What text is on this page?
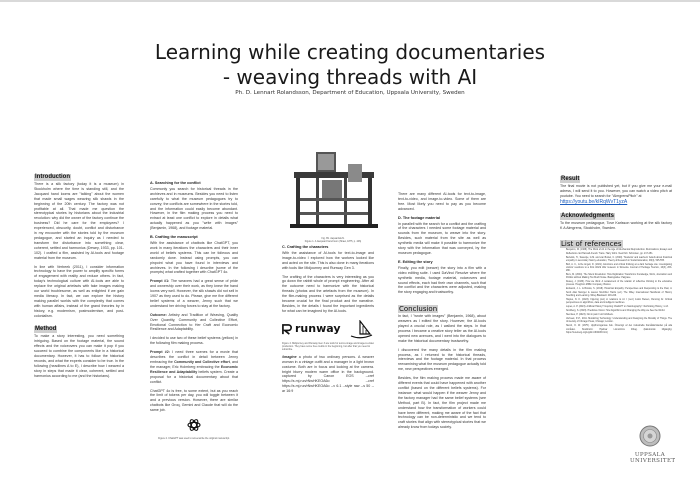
Learning while creating documentaries
- weaving threads with AI
Ph. D. Lennart Rolandsson, Department of Education, Uppsala University, Sweden
Introduction

There is a silk factory (today it is a museum) in Stockholm where the time is standing still, and the Jacquard hand looms are "talking" about the women that made small wages weaving silk shawls in the beginning of the 20th century. The factory was not profitable at all. That made me question the stereotypical stories by historians about the industrial revolution: why did the owner of the factory continue the business? Did he care for the employees? I experienced, obscurity, doubt, conflict and disturbance in my encounter with the stories told by the museum pedagogue, and started an inquiry as I needed to transform the disturbance into something clear, coherent, settled and harmonius (Dewey, 1933, pp. 101-102). I crafted a film, assisted by AI-tools and footage material from the museum.

In line with Verbeek (2011), I consider information technology to have the power to amplify specific forms of engagement with reality and reduce others. In fact, today's technological culture with AI-tools are able to replace the original artefacts with fake images making our world troublesome, as well as enlighted if we gain media literacy. In fact, we can explore the history making parallel worlds with the complexity that comes with human affairs, instead of the grand theories by in history, e.g. modernism, postmodernism, and post-colonialism.

Method

To make a story interesting, you need something intriguing. Based on the footage material, the sound effects and the voiceovers you can make it pop if you succeed to combine the components like in a historical documentary. However, it has to follow the historical records, and what the experts consider to be true. In the following (headlines A to E), I describe how I weaved a story in steps that made it clear, coherent, settled and harmonius according to me (and the historians).

A. Searching for the conflict

Commonly you search for historical threads in the archieves and in museums. Besides you need to listen carefully to what the museum pedagogues try to convey; the conflicts are somewhere in the stories told, and the information could easily become abundant. However, in the film making process you need to extract at least one conflict to explore in details what actually happened as you "write with images" (Benjamin, 1968), and footage material.

B. Crafting the manuscript

With the assistance of chatbots like ChatGPT, you work in many iterations the characters and their inner world of beliefs systems. This can be tidieous and randomly done. Instead using prompts, you can pinpoint what you have found in interviews and archieves. In the following I describe (some of the prompts) what crafted together with ChatGPT 4o.

Prompt #1: The weavers had a great sense of pride and ownership over their work, as they knew the hand looms very well. However, the silk shawls did not sell in 1907 as they used to do. Please, give me five different belief systems of a weaver, Jenny such that we understand her driving forces to stay at the factory.

Outcome: Artistry and Tradition of Weaving, Quality Over Quantity, Community and Collective Effort, Emotional Connection to Her Craft and Economic Resilience and Adaptability.

I decided to use two of these belief systems (yellow) in the following film making process.

Prompt #2: I need three scenes for a movie that describes the conflict in detail between Jenny embracing the Community and Collective effort, and the manager, Eric Holmberg embracing the Economic Resilience and Adaptability beliefs system. Create a proposal for a historical documentary about that conflict.

ChatGPT 4o is free, to some extent, but as you reach the limit of tokens per day, you will toggle between it and a previous version. However, there are similar chatbots like Groq, Gemini and Claude that will do the same job.

Figure 2. ChatGPT was used to screenwrite the original manuscript.
Fig. 89. Jaquardstuhl.
Figure 1. A Jacquard hand loom (Shaw, 1875, p. 446)
C. Crafting the characters

With the assistance of AI-tools for text-to-image and image-to-video I explored how the workers looked like and acted on the site. This is also done in many iterations with tools like Midjourney and Runway Gen 3.

The crafting of the characters is very interesting as you go down the rabbit whole of prompt engineering. After all the outcome need to harmonize with the historical threads (photos and the artefacts from the museum). In the film-making process I were surprised as the details became crucial for the final product and the narrative. Besides, in the details I found the important ingredients for what can be imagined by the AI-tools.

runway
Figure 4. Midjourney and Runway Gen 3 are tools for text-to-image and image-to-video production. They have some free credits in the beginning, but after that you need to subscribe.

/imagine a photo of two ordinary persons. A weaver woman in a vintage outfit and a manager in a light brown costume. Both are in focus and looking at the camera. bright blurry modern warm office in the background. captured by Canon EOS --cref https://s.mj.run/rNwHKEOA6o --cref https://s.mj.run/rNwHKEOA6o --v 6.1 --style raw --s 50 --ar 16:9

There are many different AI-tools for text-to-image, text-to-video, and image-to-video. Some of them are free. Most likely you need to pay as you become advanced.

D. The footage material

In parallell with the search for a conflict and the crafting of the characters I needed some footage material and sounds from the museum, to weave into the story. Besides, such material from the site as well as synthetic media will make it possible to harmonize the story with the information that was conveyed, by the museum pedagogue.

E. Editing the story

Finally, you edit (weave) the story into a film with a video editing suite. I used DaVinci Resolve where the synthetic media, footage material, voiceovers and sound effects, each had their own channels, such that the conflict and the characters were adjusted, making the story engaging and trustworthy.

Conclusion

In fact, I "wrote with images" (Benjamin, 1968), about weavers as I edited the story. However, the AI-tools played a crucial role, as I walked the steps. In that process I became a creative story teller as the AI-tools opened new avenues, and I went into the dialogues to make the historical documentary trustworthy.

I discovered the many details in the film making process, as I returned to the historical threads, interviews and the footage material. In that process reexamining what the museum pedagogue actually told me, new perspectives emerged.

Besides, the film making process made me aware of different events that could have happened with another conflict (based on the different beliefs systems). For instance: what would happen if the weaver Jenny and the factory manager had the same belief systems (see Method, part B). In fact, the film project made me understand how the transformation of workers could have been different, making me aware of the fact that technology can be non-deterministic and we tend to craft stories that align with stereotypical stories that we already know from todays society.

Result

The final movie is not published yet, but if you give me your e-mail adress, I will send it to you. However, you can watch a video pitch at youtube. You need to search for "AlmgrensPitch" at

https://youtu.be/kIRqWvT1yzA
Acknowledgments

To the museum pedagogue, Tove Karlsson working at the silk factory K A Almgrens, Stockholm, Sweden.

List of references
• Benjamin, W. (1968). The Work of Art in the Age of Mechanical Reproduction. Illuminations; Essays and Reflections. Ed.Hannah Arendt. Trans. Harry Zohn. NewYork: Schocken, pp. 217-251.
• Bertelds, H., Savenije, G.M. and van Boxtel, C. (2020). 'Students' and teachers' beliefs about historical empathy in secondary history education, Theory & Research in Social Education, 48(4), 525-555.
• Bull, A. C., & De Angeli, D. (2021). Emotions and critical thinking at a dark heritage site: investigating visitors' reactions to a First World War museum in Slovenia. Journal of Heritage Tourism, 16(3), 263-280.
• Burs, M. (2004). The Silent Revolution: How Digitization Transforms Knowledge, Work, Journalism and Politics without Making Too Much Noise. Basingstoke: Palgrave.
• Dewey, J. (1933). How we think: A restatement of the relation of reflective thinking to the educative process. Houghton Mifflin Company, Boston.
• Endacott, J. L. & Brooks, S. (2018). Historical Empathy: Perspectives and Responding to the Past, in Scott Alan Metzger & Lauren McArthur Harris (ed.) The Wiley International Handbook of History Teaching and Learning. Wiley-Blackwell. 203-226.
• Hayles, N. K. (2023). Figuring (out) or relations to AI. I (red.) Justin Beisen, Running AI: Critical perspectives on algorithms, data and intelligent machines.
• Lopes, A. P. (2023). Artificial History? Inquiring ChatGPT on historiography". Rethinking History, 1-13.
• Nordberg, S. (2023). Predictive Vision: How Algorithms and Changing the Way we See the World.
• Sternkes, P. (2023). Not in pain I tutt forfolkets.
• Verbeek, P.-P., 2011. Moralizing Technology: Understanding and Designing the Morality of Things. The University of Chicago Press, Chicago; London.
• Skord, O. W. (1875). Uppfinningarnas bok. Öfversigt af det industriella framåtskridandet på alla områden. Stockholm: Hjalmar Linnströms förlag. (Elektronisk tillgänglig: https://runeberg.org/uppfinn/6/0486.html)
UPPSALA
UNIVERSITET
